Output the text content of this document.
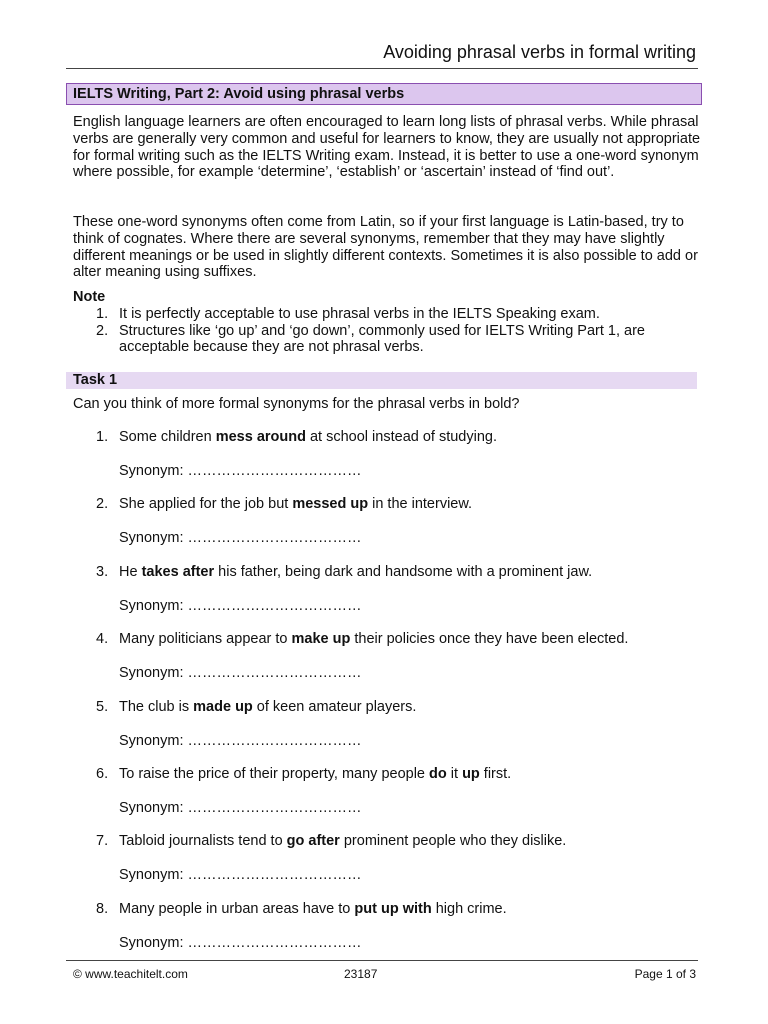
Avoiding phrasal verbs in formal writing
IELTS Writing, Part 2: Avoid using phrasal verbs
English language learners are often encouraged to learn long lists of phrasal verbs. While phrasal verbs are generally very common and useful for learners to know, they are usually not appropriate for formal writing such as the IELTS Writing exam. Instead, it is better to use a one-word synonym where possible, for example ‘determine’, ‘establish’ or ‘ascertain’ instead of ‘find out’.
These one-word synonyms often come from Latin, so if your first language is Latin-based, try to think of cognates. Where there are several synonyms, remember that they may have slightly different meanings or be used in slightly different contexts. Sometimes it is also possible to add or alter meaning using suffixes.
Note
1. It is perfectly acceptable to use phrasal verbs in the IELTS Speaking exam.
2. Structures like ‘go up’ and ‘go down’, commonly used for IELTS Writing Part 1, are acceptable because they are not phrasal verbs.
Task 1
Can you think of more formal synonyms for the phrasal verbs in bold?
1. Some children mess around at school instead of studying.
Synonym: ………………………………
2. She applied for the job but messed up in the interview.
Synonym: ………………………………
3. He takes after his father, being dark and handsome with a prominent jaw.
Synonym: ………………………………
4. Many politicians appear to make up their policies once they have been elected.
Synonym: ………………………………
5. The club is made up of keen amateur players.
Synonym: ………………………………
6. To raise the price of their property, many people do it up first.
Synonym: ………………………………
7. Tabloid journalists tend to go after prominent people who they dislike.
Synonym: ………………………………
8. Many people in urban areas have to put up with high crime.
Synonym: ………………………………
© www.teachitelt.com	23187	Page 1 of 3
